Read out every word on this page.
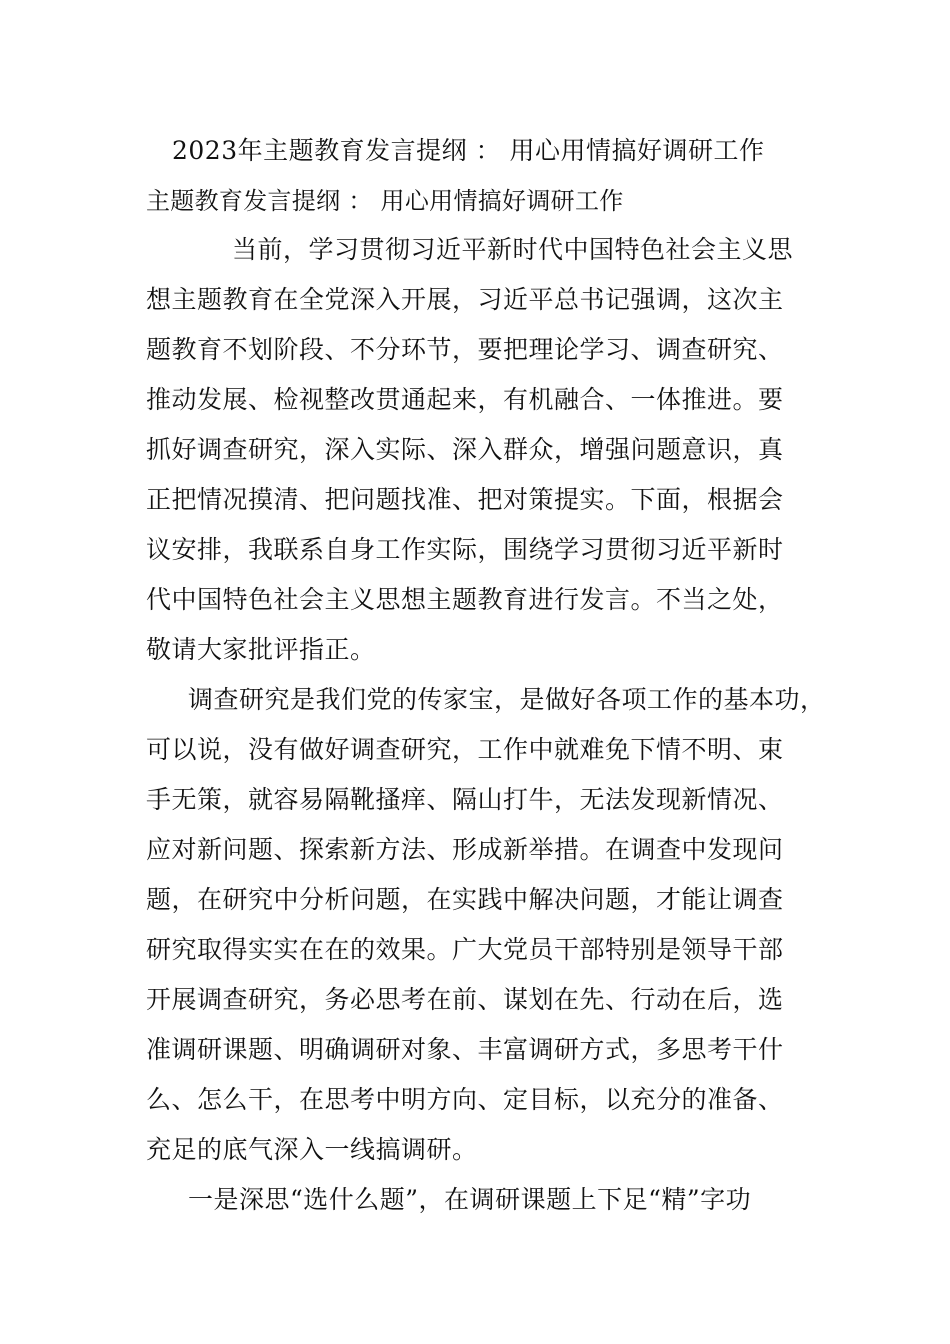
2023年主题教育发言提纲 ： 用心用情搞好调研工作
主题教育发言提纲 ： 用心用情搞好调研工作
当前，学习贯彻习近平新时代中国特色社会主义思
想主题教育在全党深入开展，习近平总书记强调，这次主
题教育不划阶段、不分环节，要把理论学习、调查研究、
推动发展、检视整改贯通起来，有机融合、一体推进。要
抓好调查研究，深入实际、深入群众，增强问题意识，真
正把情况摸清、把问题找准、把对策提实。下面，根据会
议安排，我联系自身工作实际，围绕学习贯彻习近平新时
代中国特色社会主义思想主题教育进行发言。不当之处，
敬请大家批评指正。
调查研究是我们党的传家宝，是做好各项工作的基本功，
可以说，没有做好调查研究，工作中就难免下情不明、束
手无策，就容易隔靴搔痒、隔山打牛，无法发现新情况、
应对新问题、探索新方法、形成新举措。在调查中发现问
题，在研究中分析问题，在实践中解决问题，才能让调查
研究取得实实在在的效果。广大党员干部特别是领导干部
开展调查研究，务必思考在前、谋划在先、行动在后，选
准调研课题、明确调研对象、丰富调研方式，多思考干什
么、怎么干，在思考中明方向、定目标，以充分的准备、
充足的底气深入一线搞调研。
一是深思“选什么题”，在调研课题上下足“精”字功
